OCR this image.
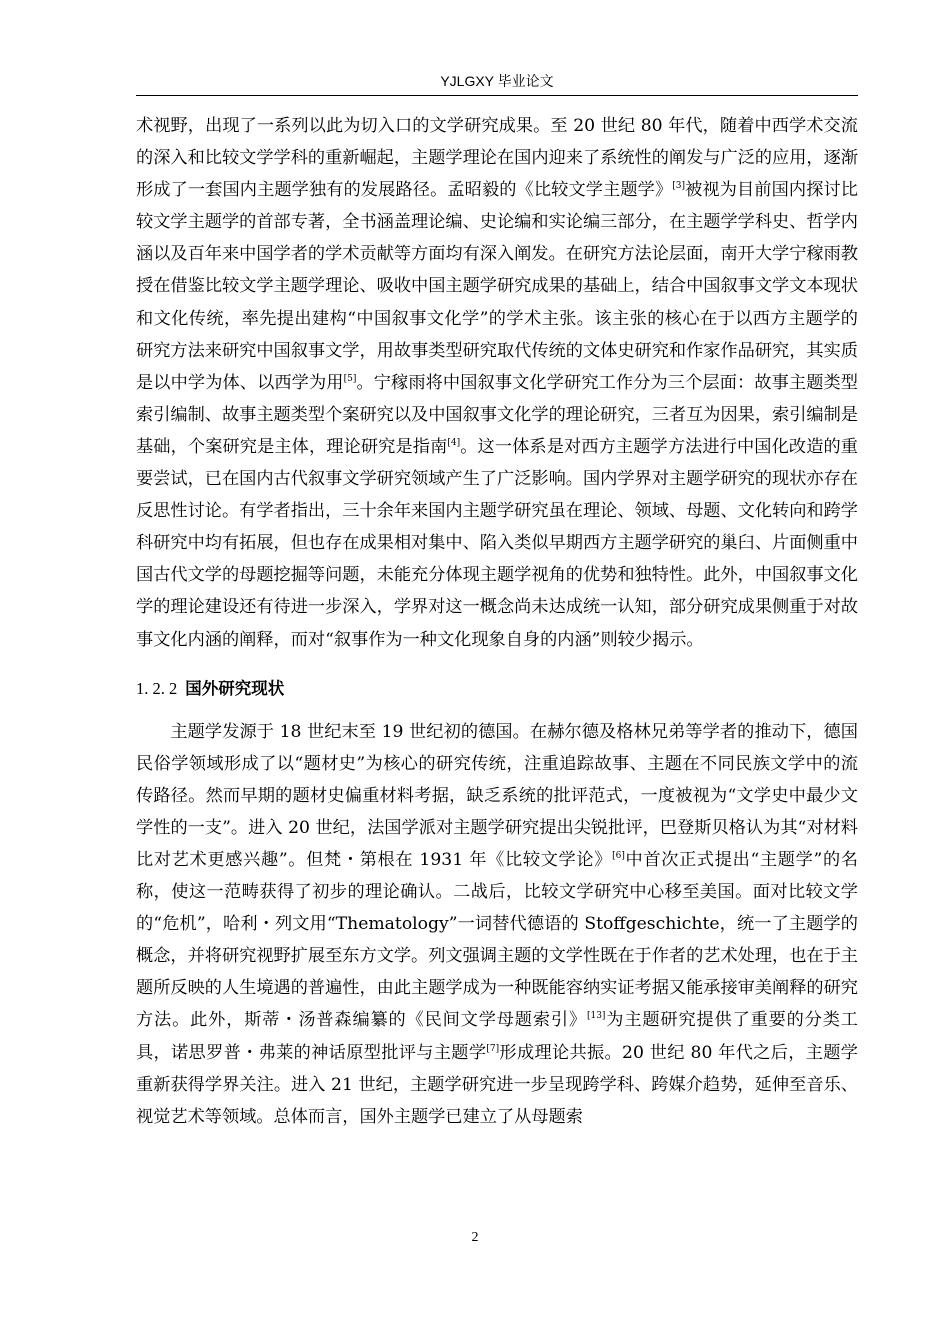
YJLGXY 毕业论文

术视野，出现了一系列以此为切入口的文学研究成果。至 20 世纪 80 年代，随着中西学术交流的深入和比较文学学科的重新崛起，主题学理论在国内迎来了系统性的阐发与广泛的应用，逐渐形成了一套国内主题学独有的发展路径。孟昭毅的《比较文学主题学》[3]被视为目前国内探讨比较文学主题学的首部专著，全书涵盖理论编、史论编和实论编三部分，在主题学学科史、哲学内涵以及百年来中国学者的学术贡献等方面均有深入阐发。在研究方法论层面，南开大学宁稼雨教授在借鉴比较文学主题学理论、吸收中国主题学研究成果的基础上，结合中国叙事文学文本现状和文化传统，率先提出建构“中国叙事文化学”的学术主张。该主张的核心在于以西方主题学的研究方法来研究中国叙事文学，用故事类型研究取代传统的文体史研究和作家作品研究，其实质是以中学为体、以西学为用[5]。宁稼雨将中国叙事文化学研究工作分为三个层面：故事主题类型索引编制、故事主题类型个案研究以及中国叙事文化学的理论研究，三者互为因果，索引编制是基础，个案研究是主体，理论研究是指南[4]。这一体系是对西方主题学方法进行中国化改造的重要尝试，已在国内古代叙事文学研究领域产生了广泛影响。国内学界对主题学研究的现状亦存在反思性讨论。有学者指出，三十余年来国内主题学研究虽在理论、领域、母题、文化转向和跨学科研究中均有拓展，但也存在成果相对集中、陷入类似早期西方主题学研究的巢臼、片面侧重中国古代文学的母题挖掘等问题，未能充分体现主题学视角的优势和独特性。此外，中国叙事文化学的理论建设还有待进一步深入，学界对这一概念尚未达成统一认知，部分研究成果侧重于对故事文化内涵的阐释，而对“叙事作为一种文化现象自身的内涵”则较少揭示。

1. 2. 2 国外研究现状

主题学发源于 18 世纪末至 19 世纪初的德国。在赫尔德及格林兄弟等学者的推动下，德国民俗学领域形成了以“题材史”为核心的研究传统，注重追踪故事、主题在不同民族文学中的流传路径。然而早期的题材史偏重材料考据，缺乏系统的批评范式，一度被视为“文学史中最少文学性的一支”。进入 20 世纪，法国学派对主题学研究提出尖锐批评，巴登斯贝格认为其“对材料比对艺术更感兴趣”。但梵・第根在 1931 年《比较文学论》[6]中首次正式提出“主题学”的名称，使这一范畴获得了初步的理论确认。二战后，比较文学研究中心移至美国。面对比较文学的“危机”，哈利・列文用“Thematology”一词替代德语的 Stoffgeschichte，统一了主题学的概念，并将研究视野扩展至东方文学。列文强调主题的文学性既在于作者的艺术处理，也在于主题所反映的人生境遇的普遍性，由此主题学成为一种既能容纳实证考据又能承接审美阐释的研究方法。此外，斯蒂・汤普森编纂的《民间文学母题索引》[13]为主题研究提供了重要的分类工具，诺思罗普・弗莱的神话原型批评与主题学[7]形成理论共振。20 世纪 80 年代之后，主题学重新获得学界关注。进入 21 世纪，主题学研究进一步呈现跨学科、跨媒介趋势，延伸至音乐、视觉艺术等领域。总体而言，国外主题学已建立了从母题索

2
